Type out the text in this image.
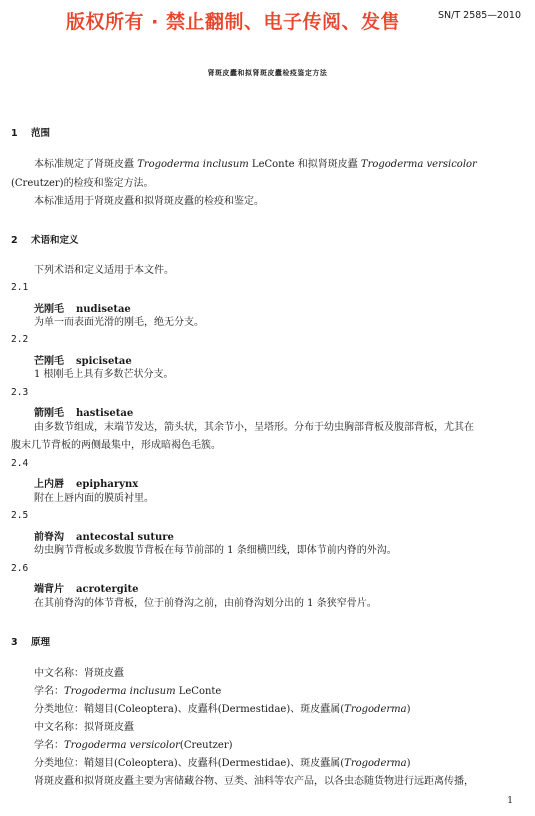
版权所有 · 禁止翻制、电子传阅、发售	SN/T 2585—2010
肾斑皮蠹和拟肾斑皮蠹检疫鉴定方法
1 范围
本标准规定了肾斑皮蠹 Trogoderma inclusum LeConte 和拟肾斑皮蠹 Trogoderma versicolor
(Creutzer)的检疫和鉴定方法。
本标准适用于肾斑皮蠹和拟肾斑皮蠹的检疫和鉴定。
2 术语和定义
下列术语和定义适用于本文件。
2.1
光刚毛 nudisetae
为单一而表面光滑的刚毛，绝无分支。
2.2
芒刚毛 spicisetae
1 根刚毛上具有多数芒状分支。
2.3
箭刚毛 hastisetae
由多数节组成，末端节发达，箭头状，其余节小，呈塔形。分布于幼虫胸部背板及腹部背板，尤其在
腹末几节背板的两侧最集中，形成暗褐色毛簇。
2.4
上内唇 epipharynx
附在上唇内面的膜质衬里。
2.5
前脊沟 antecostal suture
幼虫胸节背板或多数腹节背板在每节前部的 1 条细横凹线，即体节前内脊的外沟。
2.6
端背片 acrotergite
在其前脊沟的体节背板，位于前脊沟之前，由前脊沟划分出的 1 条狭窄骨片。
3 原理
中文名称：肾斑皮蠹
学名：Trogoderma inclusum LeConte
分类地位：鞘翅目(Coleoptera)、皮蠹科(Dermestidae)、斑皮蠹属(Trogoderma)
中文名称：拟肾斑皮蠹
学名：Trogoderma versicolor(Creutzer)
分类地位：鞘翅目(Coleoptera)、皮蠹科(Dermestidae)、斑皮蠹属(Trogoderma)
肾斑皮蠹和拟肾斑皮蠹主要为害储藏谷物、豆类、油料等农产品，以各虫态随货物进行远距离传播，
1
